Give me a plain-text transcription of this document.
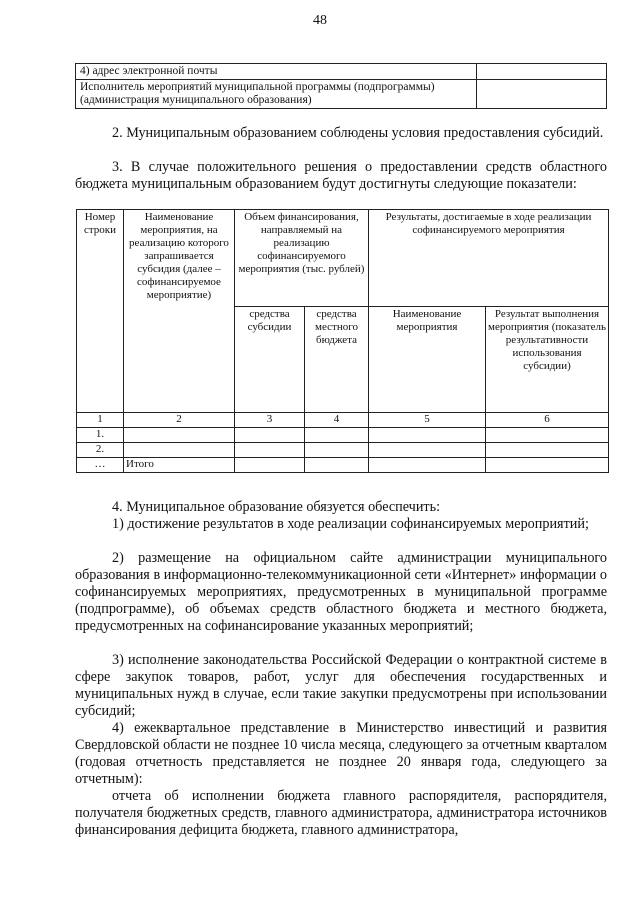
48
4) адрес электронной почты	
Исполнитель мероприятий муниципальной программы (подпрограммы) (администрация муниципального образования)	
2. Муниципальным образованием соблюдены условия предоставления субсидий.
3. В случае положительного решения о предоставлении средств областного бюджета муниципальным образованием будут достигнуты следующие показатели:
Номер строки	Наименование мероприятия, на реализацию которого запрашивается субсидия (далее – софинансируемое мероприятие)	Объем финансирования, направляемый на реализацию софинансируемого мероприятия (тыс. рублей)		Результаты, достигаемые в ходе реализации софинансируемого мероприятия	
		средства субсидии	средства местного бюджета	Наименование мероприятия	Результат выполнения мероприятия (показатель результативности использования субсидии)
1	2	3	4	5	6
1.					
2.					
…	Итого				
4. Муниципальное образование обязуется обеспечить:
1) достижение результатов в ходе реализации софинансируемых мероприятий;
2) размещение на официальном сайте администрации муниципального образования в информационно-телекоммуникационной сети «Интернет» информации о софинансируемых мероприятиях, предусмотренных в муниципальной программе (подпрограмме), об объемах средств областного бюджета и местного бюджета, предусмотренных на софинансирование указанных мероприятий;
3) исполнение законодательства Российской Федерации о контрактной системе в сфере закупок товаров, работ, услуг для обеспечения государственных и муниципальных нужд в случае, если такие закупки предусмотрены при использовании субсидий;
4) ежеквартальное представление в Министерство инвестиций и развития Свердловской области не позднее 10 числа месяца, следующего за отчетным кварталом (годовая отчетность представляется не позднее 20 января года, следующего за отчетным):
отчета об исполнении бюджета главного распорядителя, распорядителя, получателя бюджетных средств, главного администратора, администратора источников финансирования дефицита бюджета, главного администратора,
